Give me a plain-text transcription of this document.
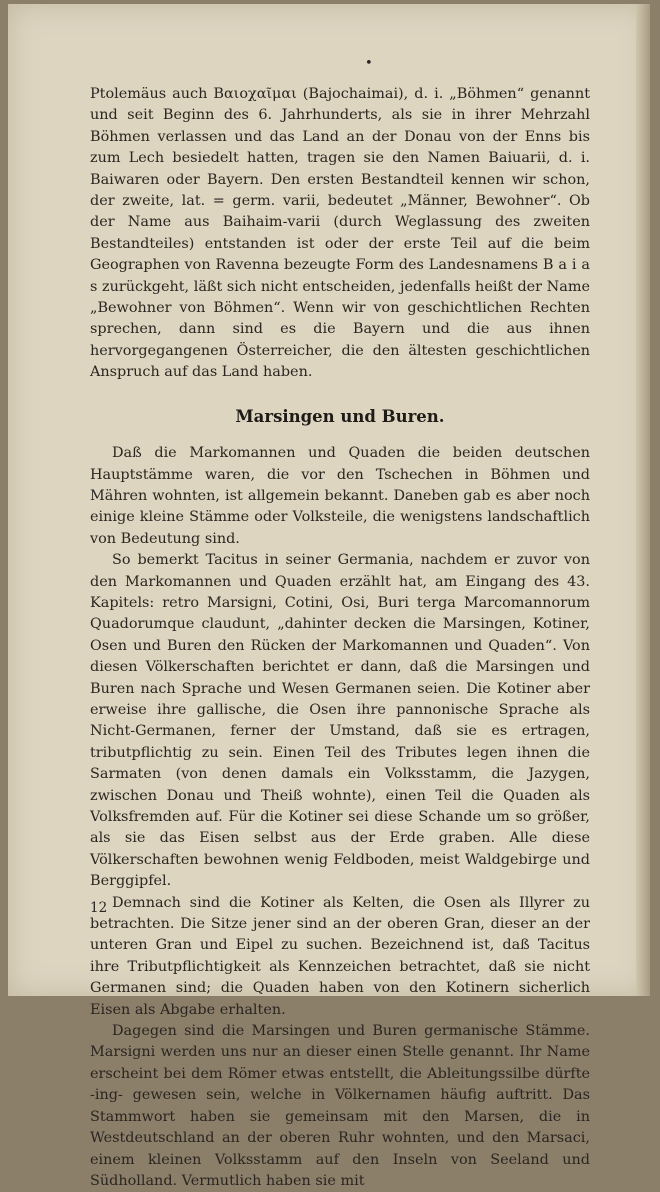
•

Ptolemäus auch Βαιοχαῖμαι (Bajochaimai), d. i. „Böhmen“ genannt und seit Beginn des 6. Jahrhunderts, als sie in ihrer Mehrzahl Böhmen verlassen und das Land an der Donau von der Enns bis zum Lech besiedelt hatten, tragen sie den Namen Baiuarii, d. i. Baiwaren oder Bayern. Den ersten Bestandteil kennen wir schon, der zweite, lat. = germ. varii, bedeutet „Männer, Bewohner“. Ob der Name aus Baihaim-varii (durch Weglassung des zweiten Bestandteiles) entstanden ist oder der erste Teil auf die beim Geographen von Ravenna bezeugte Form des Landesnamens B a i a s zurückgeht, läßt sich nicht entscheiden, jedenfalls heißt der Name „Bewohner von Böhmen“. Wenn wir von geschichtlichen Rechten sprechen, dann sind es die Bayern und die aus ihnen hervorgegangenen Österreicher, die den ältesten geschichtlichen Anspruch auf das Land haben.

Marsingen und Buren.

Daß die Markomannen und Quaden die beiden deutschen Hauptstämme waren, die vor den Tschechen in Böhmen und Mähren wohnten, ist allgemein bekannt. Daneben gab es aber noch einige kleine Stämme oder Volksteile, die wenigstens landschaftlich von Bedeutung sind.

So bemerkt Tacitus in seiner Germania, nachdem er zuvor von den Markomannen und Quaden erzählt hat, am Eingang des 43. Kapitels: retro Marsigni, Cotini, Osi, Buri terga Marcomannorum Quadorumque claudunt, „dahinter decken die Marsingen, Kotiner, Osen und Buren den Rücken der Markomannen und Quaden“. Von diesen Völkerschaften berichtet er dann, daß die Marsingen und Buren nach Sprache und Wesen Germanen seien. Die Kotiner aber erweise ihre gallische, die Osen ihre pannonische Sprache als Nicht-Germanen, ferner der Umstand, daß sie es ertragen, tributpflichtig zu sein. Einen Teil des Tributes legen ihnen die Sarmaten (von denen damals ein Volksstamm, die Jazygen, zwischen Donau und Theiß wohnte), einen Teil die Quaden als Volksfremden auf. Für die Kotiner sei diese Schande um so größer, als sie das Eisen selbst aus der Erde graben. Alle diese Völkerschaften bewohnen wenig Feldboden, meist Waldgebirge und Berggipfel.

Demnach sind die Kotiner als Kelten, die Osen als Illyrer zu betrachten. Die Sitze jener sind an der oberen Gran, dieser an der unteren Gran und Eipel zu suchen. Bezeichnend ist, daß Tacitus ihre Tributpflichtigkeit als Kennzeichen betrachtet, daß sie nicht Germanen sind; die Quaden haben von den Kotinern sicherlich Eisen als Abgabe erhalten.

Dagegen sind die Marsingen und Buren germanische Stämme. Marsigni werden uns nur an dieser einen Stelle genannt. Ihr Name erscheint bei dem Römer etwas entstellt, die Ableitungssilbe dürfte -ing- gewesen sein, welche in Völkernamen häufig auftritt. Das Stammwort haben sie gemeinsam mit den Marsen, die in Westdeutschland an der oberen Ruhr wohnten, und den Marsaci, einem kleinen Volksstamm auf den Inseln von Seeland und Südholland. Vermutlich haben sie mit

12
